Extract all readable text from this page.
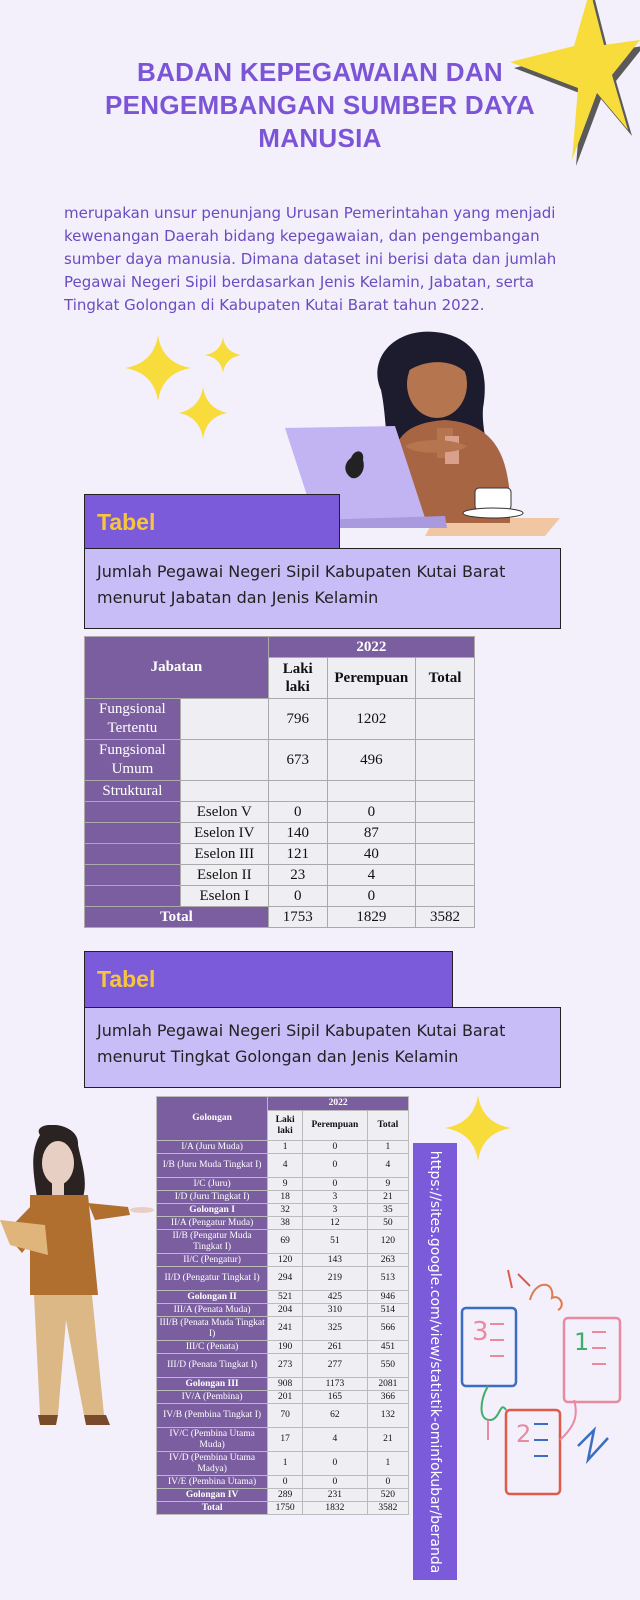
BADAN KEPEGAWAIAN DAN PENGEMBANGAN SUMBER DAYA MANUSIA
merupakan unsur penunjang Urusan Pemerintahan yang menjadi kewenangan Daerah bidang kepegawaian, dan pengembangan sumber daya manusia. Dimana dataset ini berisi data dan jumlah Pegawai Negeri Sipil berdasarkan Jenis Kelamin, Jabatan, serta Tingkat Golongan di Kabupaten Kutai Barat tahun 2022.
Tabel
Jumlah Pegawai Negeri Sipil Kabupaten Kutai Barat menurut Jabatan dan Jenis Kelamin
Jabatan		2022		
		Laki laki	Perempuan	Total
Fungsional Tertentu		796	1202	
Fungsional Umum		673	496	
Struktural				
	Eselon V	0	0	
	Eselon IV	140	87	
	Eselon III	121	40	
	Eselon II	23	4	
	Eselon I	0	0	
Total		1753	1829	3582
Tabel
Jumlah Pegawai Negeri Sipil Kabupaten Kutai Barat menurut Tingkat Golongan dan Jenis Kelamin
Golongan	2022		
	Laki laki	Perempuan	Total
I/A (Juru Muda)	1	0	1
I/B (Juru Muda Tingkat I)	4	0	4
I/C (Juru)	9	0	9
I/D (Juru Tingkat I)	18	3	21
Golongan I	32	3	35
II/A (Pengatur Muda)	38	12	50
II/B (Pengatur Muda Tingkat I)	69	51	120
II/C (Pengatur)	120	143	263
II/D (Pengatur Tingkat I)	294	219	513
Golongan II	521	425	946
III/A (Penata Muda)	204	310	514
III/B (Penata Muda Tingkat I)	241	325	566
III/C (Penata)	190	261	451
III/D (Penata Tingkat I)	273	277	550
Golongan III	908	1173	2081
IV/A (Pembina)	201	165	366
IV/B (Pembina Tingkat I)	70	62	132
IV/C (Pembina Utama Muda)	17	4	21
IV/D (Pembina Utama Madya)	1	0	1
IV/E (Pembina Utama)	0	0	0
Golongan IV	289	231	520
Total	1750	1832	3582 https://sites.google.com/view/statistik-ominfokubar/beranda 3	1
2
